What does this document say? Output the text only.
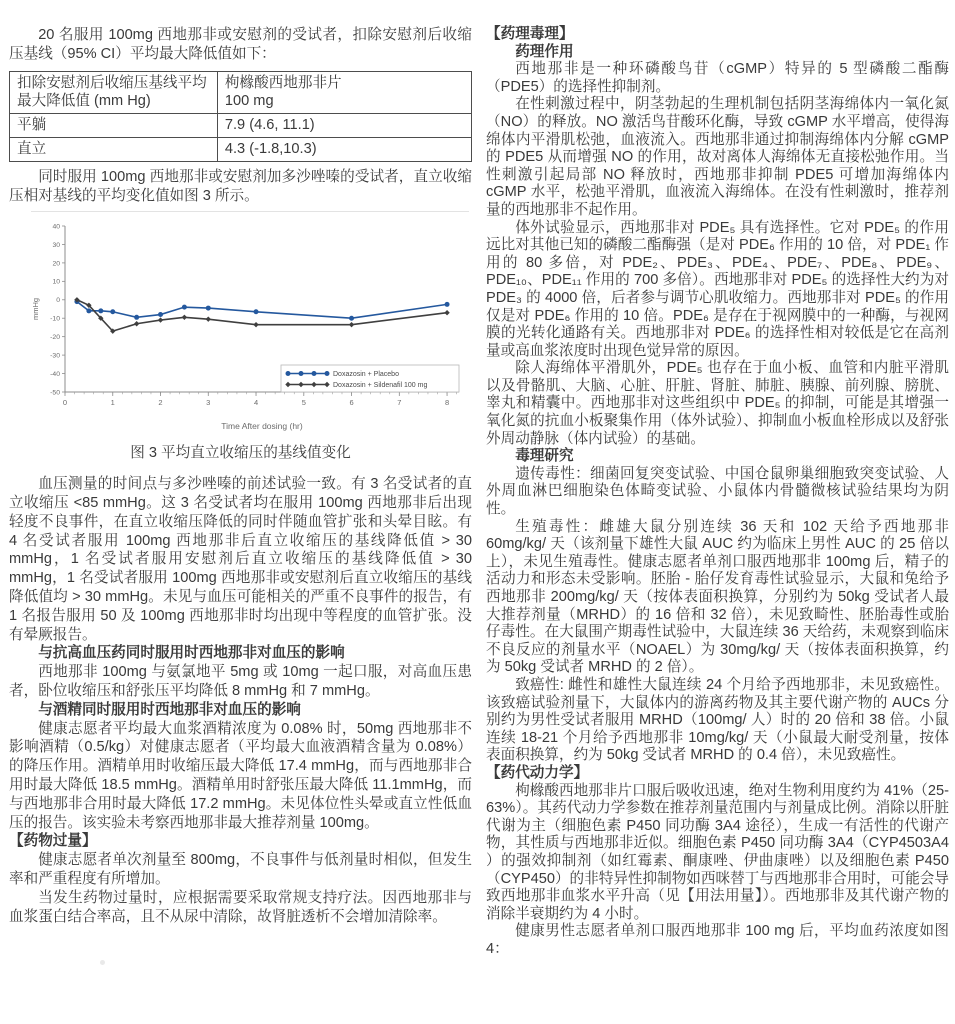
20 名服用 100mg 西地那非或安慰剂的受试者，扣除安慰剂后收缩压基线（95% CI）平均最大降低值如下：

扣除安慰剂后收缩压基线平均最大降低值 (mm Hg)	枸橼酸西地那非片
100 mg
平躺	7.9 (4.6, 11.1)
直立	4.3 (-1.8,10.3)

同时服用 100mg 西地那非或安慰剂加多沙唑嗪的受试者，直立收缩压相对基线的平均变化值如图 3 所示。

40
30
20
10
0
-10
-20
-30
-40
-50
0	1	2	3	4	5	6	7	8
Time After dosing (hr)
mmHg
Doxazosin + Placebo
Doxazosin + Sildenafil 100 mg

图 3 平均直立收缩压的基线值变化

血压测量的时间点与多沙唑嗪的前述试验一致。有 3 名受试者的直立收缩压 <85 mmHg。这 3 名受试者均在服用 100mg 西地那非后出现轻度不良事件，在直立收缩压降低的同时伴随血管扩张和头晕目眩。有 4 名受试者服用 100mg 西地那非后直立收缩压的基线降低值 > 30 mmHg，1 名受试者服用安慰剂后直立收缩压的基线降低值 > 30 mmHg，1 名受试者服用 100mg 西地那非或安慰剂后直立收缩压的基线降低值均 > 30 mmHg。未见与血压可能相关的严重不良事件的报告，有 1 名报告服用 50 及 100mg 西地那非时均出现中等程度的血管扩张。没有晕厥报告。

与抗高血压药同时服用时西地那非对血压的影响

西地那非 100mg 与氨氯地平 5mg 或 10mg 一起口服，对高血压患者，卧位收缩压和舒张压平均降低 8 mmHg 和 7 mmHg。

与酒精同时服用时西地那非对血压的影响

健康志愿者平均最大血浆酒精浓度为 0.08% 时，50mg 西地那非不影响酒精（0.5/kg）对健康志愿者（平均最大血液酒精含量为 0.08%）的降压作用。酒精单用时收缩压最大降低 17.4 mmHg，而与西地那非合用时最大降低 18.5 mmHg。酒精单用时舒张压最大降低 11.1mmHg，而与西地那非合用时最大降低 17.2 mmHg。未见体位性头晕或直立性低血压的报告。该实验未考察西地那非最大推荐剂量 100mg。

【药物过量】

健康志愿者单次剂量至 800mg，不良事件与低剂量时相似，但发生率和严重程度有所增加。

当发生药物过量时，应根据需要采取常规支持疗法。因西地那非与血浆蛋白结合率高，且不从尿中清除，故肾脏透析不会增加清除率。

【药理毒理】

药理作用

西地那非是一种环磷酸鸟苷（cGMP）特异的 5 型磷酸二酯酶（PDE5）的选择性抑制剂。

在性刺激过程中，阴茎勃起的生理机制包括阴茎海绵体内一氧化氮（NO）的释放。NO 激活鸟苷酸环化酶，导致 cGMP 水平增高，使得海绵体内平滑肌松弛，血液流入。西地那非通过抑制海绵体内分解 cGMP 的 PDE5 从而增强 NO 的作用，故对离体人海绵体无直接松弛作用。当性刺激引起局部 NO 释放时，西地那非抑制 PDE5 可增加海绵体内 cGMP 水平，松弛平滑肌，血液流入海绵体。在没有性刺激时，推荐剂量的西地那非不起作用。

体外试验显示，西地那非对 PDE₅ 具有选择性。它对 PDE₅ 的作用远比对其他已知的磷酸二酯酶强（是对 PDE₆ 作用的 10 倍，对 PDE₁ 作用的 80 多倍，对 PDE₂、PDE₃、PDE₄、PDE₇、PDE₈、PDE₉、PDE₁₀、PDE₁₁ 作用的 700 多倍）。西地那非对 PDE₅ 的选择性大约为对 PDE₃ 的 4000 倍，后者参与调节心肌收缩力。西地那非对 PDE₅ 的作用仅是对 PDE₆ 作用的 10 倍。PDE₆ 是存在于视网膜中的一种酶，与视网膜的光转化通路有关。西地那非对 PDE₆ 的选择性相对较低是它在高剂量或高血浆浓度时出现色觉异常的原因。

除人海绵体平滑肌外，PDE₅ 也存在于血小板、血管和内脏平滑肌以及骨骼肌、大脑、心脏、肝脏、肾脏、肺脏、胰腺、前列腺、膀胱、睾丸和精囊中。西地那非对这些组织中 PDE₅ 的抑制，可能是其增强一氧化氮的抗血小板聚集作用（体外试验）、抑制血小板血栓形成以及舒张外周动静脉（体内试验）的基础。

毒理研究

遗传毒性：细菌回复突变试验、中国仓鼠卵巢细胞致突变试验、人外周血淋巴细胞染色体畸变试验、小鼠体内骨髓微核试验结果均为阴性。

生殖毒性：雌雄大鼠分别连续 36 天和 102 天给予西地那非 60mg/kg/ 天（该剂量下雄性大鼠 AUC 约为临床上男性 AUC 的 25 倍以上），未见生殖毒性。健康志愿者单剂口服西地那非 100mg 后，精子的活动力和形态未受影响。胚胎 - 胎仔发育毒性试验显示，大鼠和兔给予西地那非 200mg/kg/ 天（按体表面积换算，分别约为 50kg 受试者人最大推荐剂量（MRHD）的 16 倍和 32 倍），未见致畸性、胚胎毒性或胎仔毒性。在大鼠围产期毒性试验中，大鼠连续 36 天给药，未观察到临床不良反应的剂量水平（NOAEL）为 30mg/kg/ 天（按体表面积换算，约为 50kg 受试者 MRHD 的 2 倍）。

致癌性: 雌性和雄性大鼠连续 24 个月给予西地那非，未见致癌性。该致癌试验剂量下，大鼠体内的游离药物及其主要代谢产物的 AUCs 分别约为男性受试者服用 MRHD（100mg/ 人）时的 20 倍和 38 倍。小鼠连续 18-21 个月给予西地那非 10mg/kg/ 天（小鼠最大耐受剂量，按体表面积换算，约为 50kg 受试者 MRHD 的 0.4 倍），未见致癌性。

【药代动力学】

枸橼酸西地那非片口服后吸收迅速，绝对生物利用度约为 41%（25-63%）。其药代动力学参数在推荐剂量范围内与剂量成比例。消除以肝脏代谢为主（细胞色素 P450 同功酶 3A4 途径），生成一有活性的代谢产物，其性质与西地那非近似。细胞色素 P450 同功酶 3A4（CYP4503A4 ）的强效抑制剂（如红霉素、酮康唑、伊曲康唑）以及细胞色素 P450（CYP450）的非特异性抑制物如西咪替丁与西地那非合用时，可能会导致西地那非血浆水平升高（见【用法用量】）。西地那非及其代谢产物的消除半衰期约为 4 小时。

健康男性志愿者单剂口服西地那非 100 mg 后，平均血药浓度如图 4：
